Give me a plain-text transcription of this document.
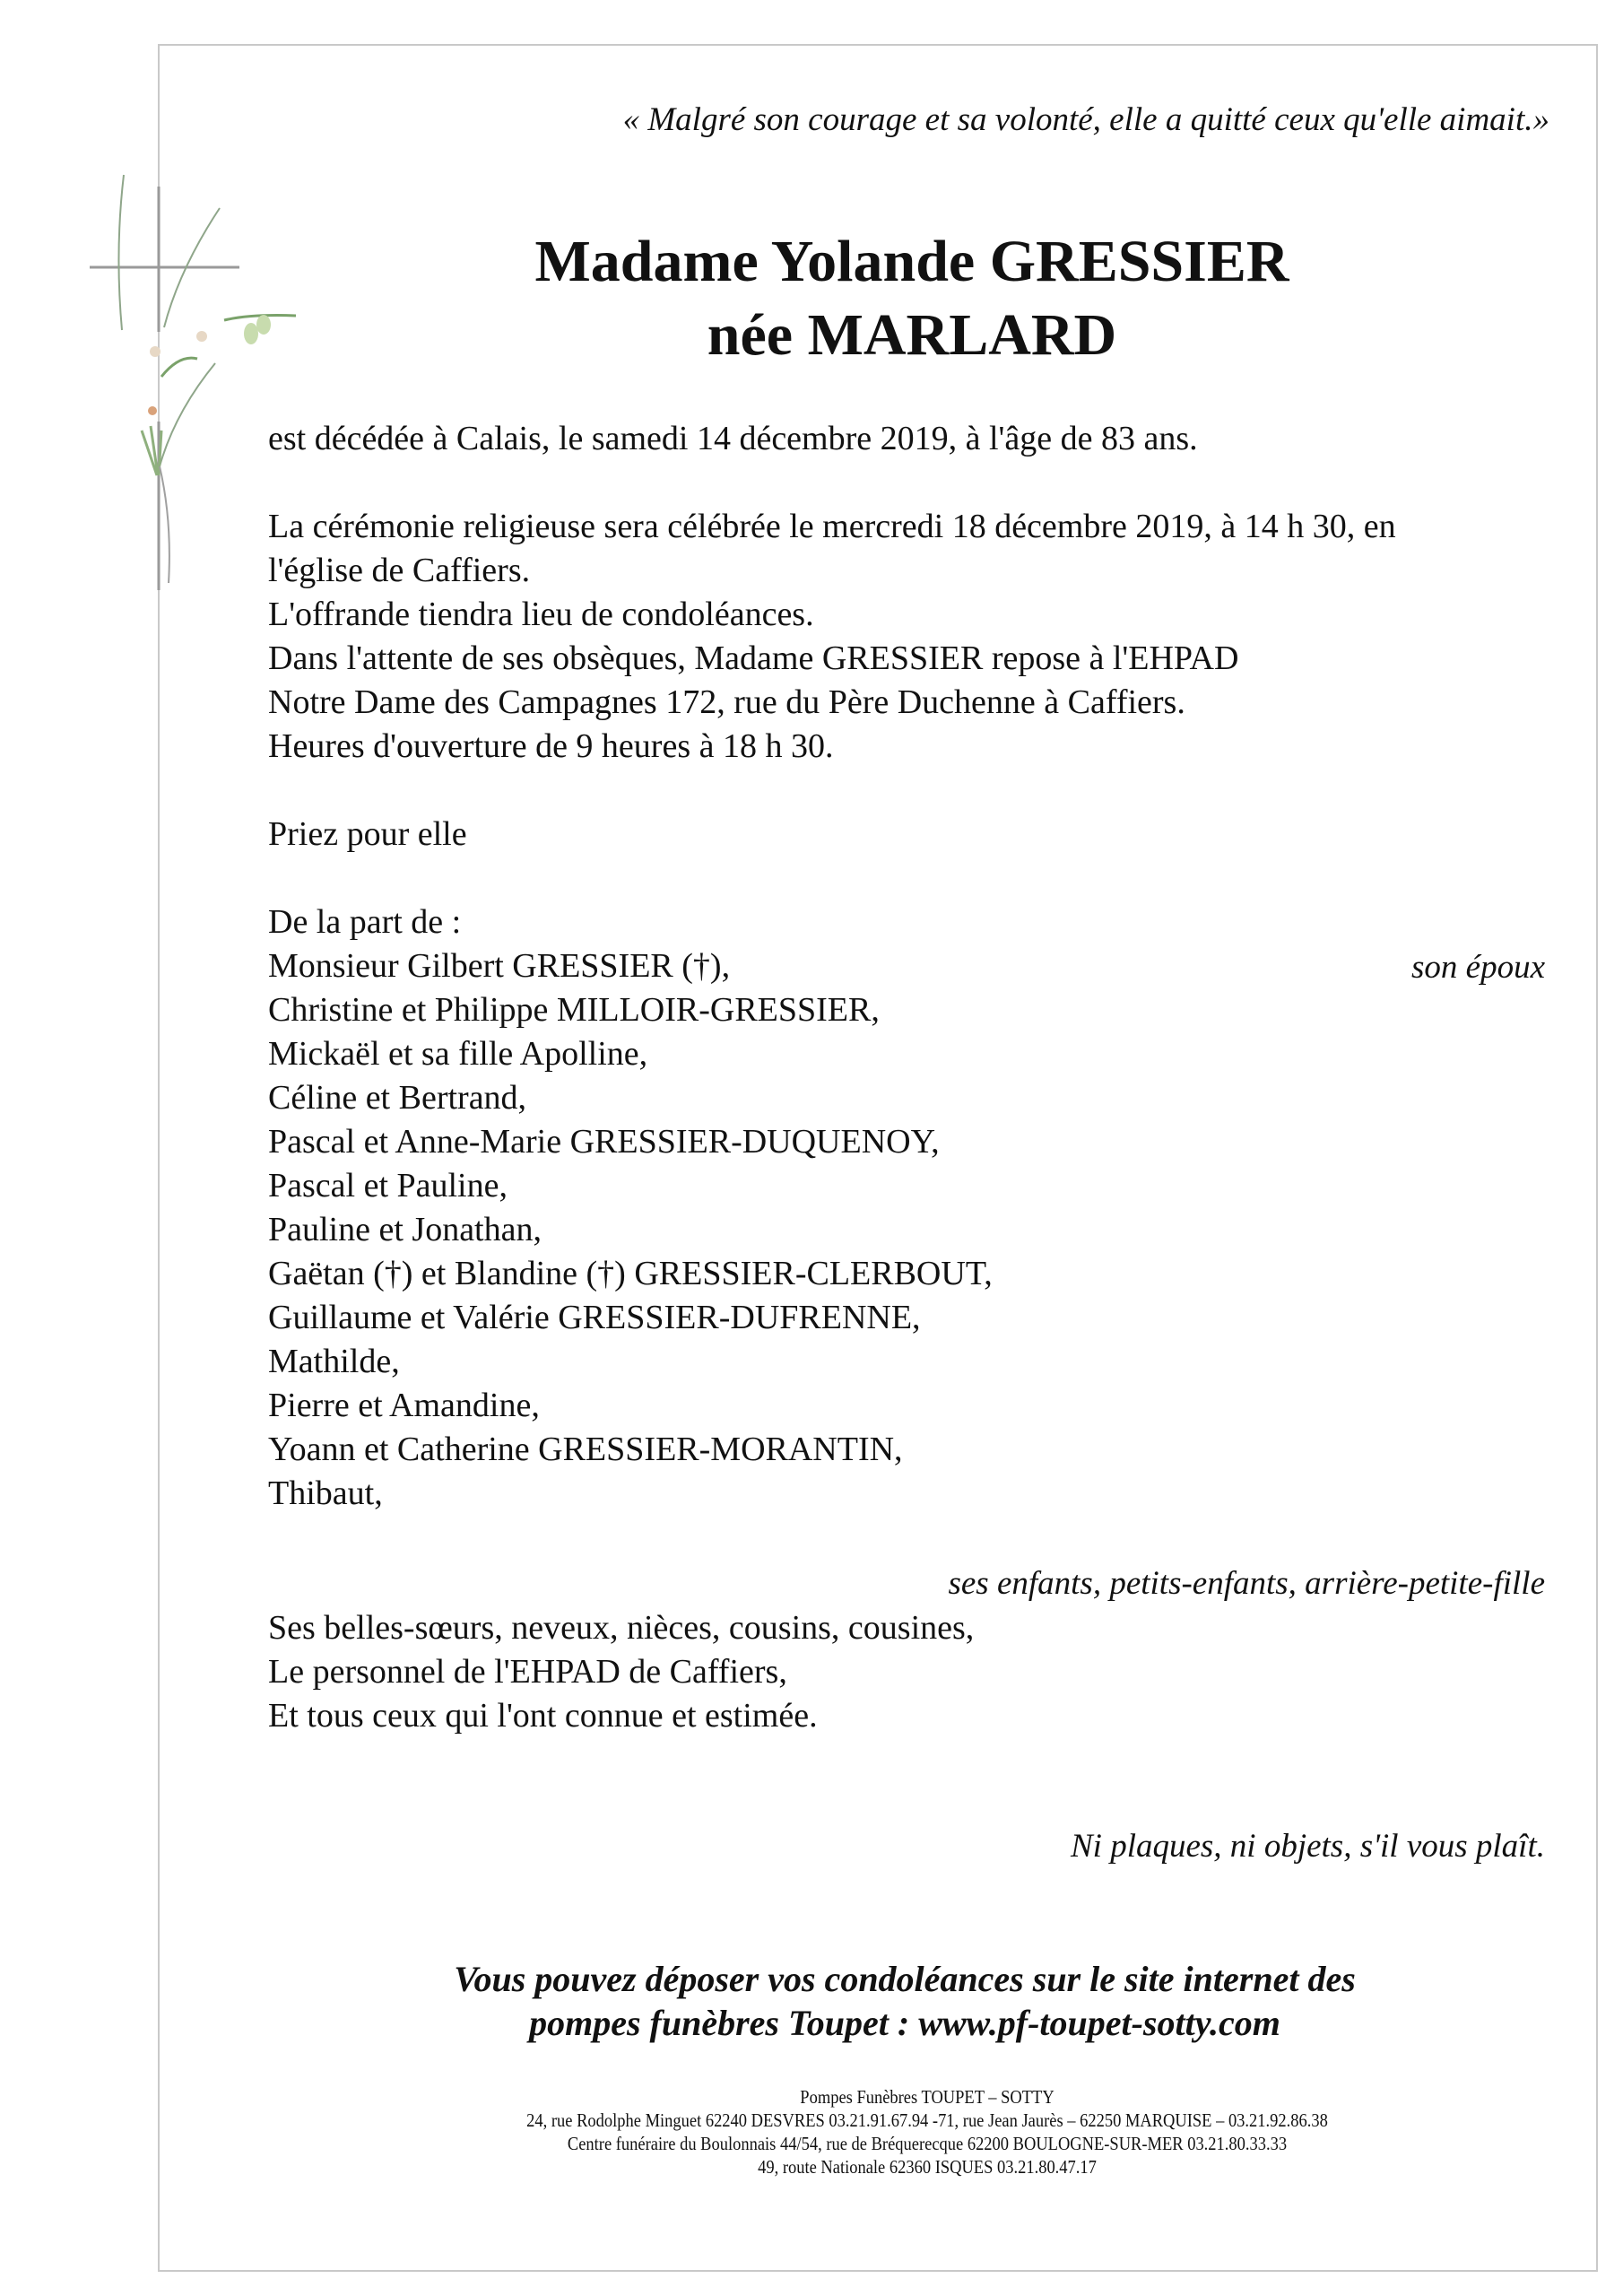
« Malgré son courage et sa volonté, elle a quitté ceux qu'elle aimait.»
Madame Yolande GRESSIER
née MARLARD
est décédée à Calais, le samedi 14 décembre 2019, à l'âge de 83 ans.
La cérémonie religieuse sera célébrée le mercredi 18 décembre 2019, à 14 h 30, en
l'église de Caffiers.
L'offrande tiendra lieu de condoléances.
Dans l'attente de ses obsèques, Madame GRESSIER repose à l'EHPAD
Notre Dame des Campagnes 172, rue du Père Duchenne à Caffiers.
Heures d'ouverture de 9 heures à 18 h 30.
Priez pour elle
De la part de :
Monsieur Gilbert GRESSIER (†),
Christine et Philippe MILLOIR-GRESSIER,
Mickaël et sa fille Apolline,
Céline et Bertrand,
Pascal et Anne-Marie GRESSIER-DUQUENOY,
Pascal et Pauline,
Pauline et Jonathan,
Gaëtan (†) et Blandine (†) GRESSIER-CLERBOUT,
Guillaume et Valérie GRESSIER-DUFRENNE,
Mathilde,
Pierre et Amandine,
Yoann et Catherine GRESSIER-MORANTIN,
Thibaut,
son époux
ses enfants, petits-enfants, arrière-petite-fille
Ses belles-sœurs, neveux, nièces, cousins, cousines,
Le personnel de l'EHPAD de Caffiers,
Et tous ceux qui l'ont connue et estimée.
Ni plaques, ni objets, s'il vous plaît.
Vous pouvez déposer vos condoléances sur le site internet des
pompes funèbres Toupet : www.pf-toupet-sotty.com
Pompes Funèbres TOUPET – SOTTY
24, rue Rodolphe Minguet 62240 DESVRES 03.21.91.67.94 -71, rue Jean Jaurès – 62250 MARQUISE – 03.21.92.86.38
Centre funéraire du Boulonnais 44/54, rue de Bréquerecque 62200 BOULOGNE-SUR-MER 03.21.80.33.33
49, route Nationale 62360 ISQUES 03.21.80.47.17
